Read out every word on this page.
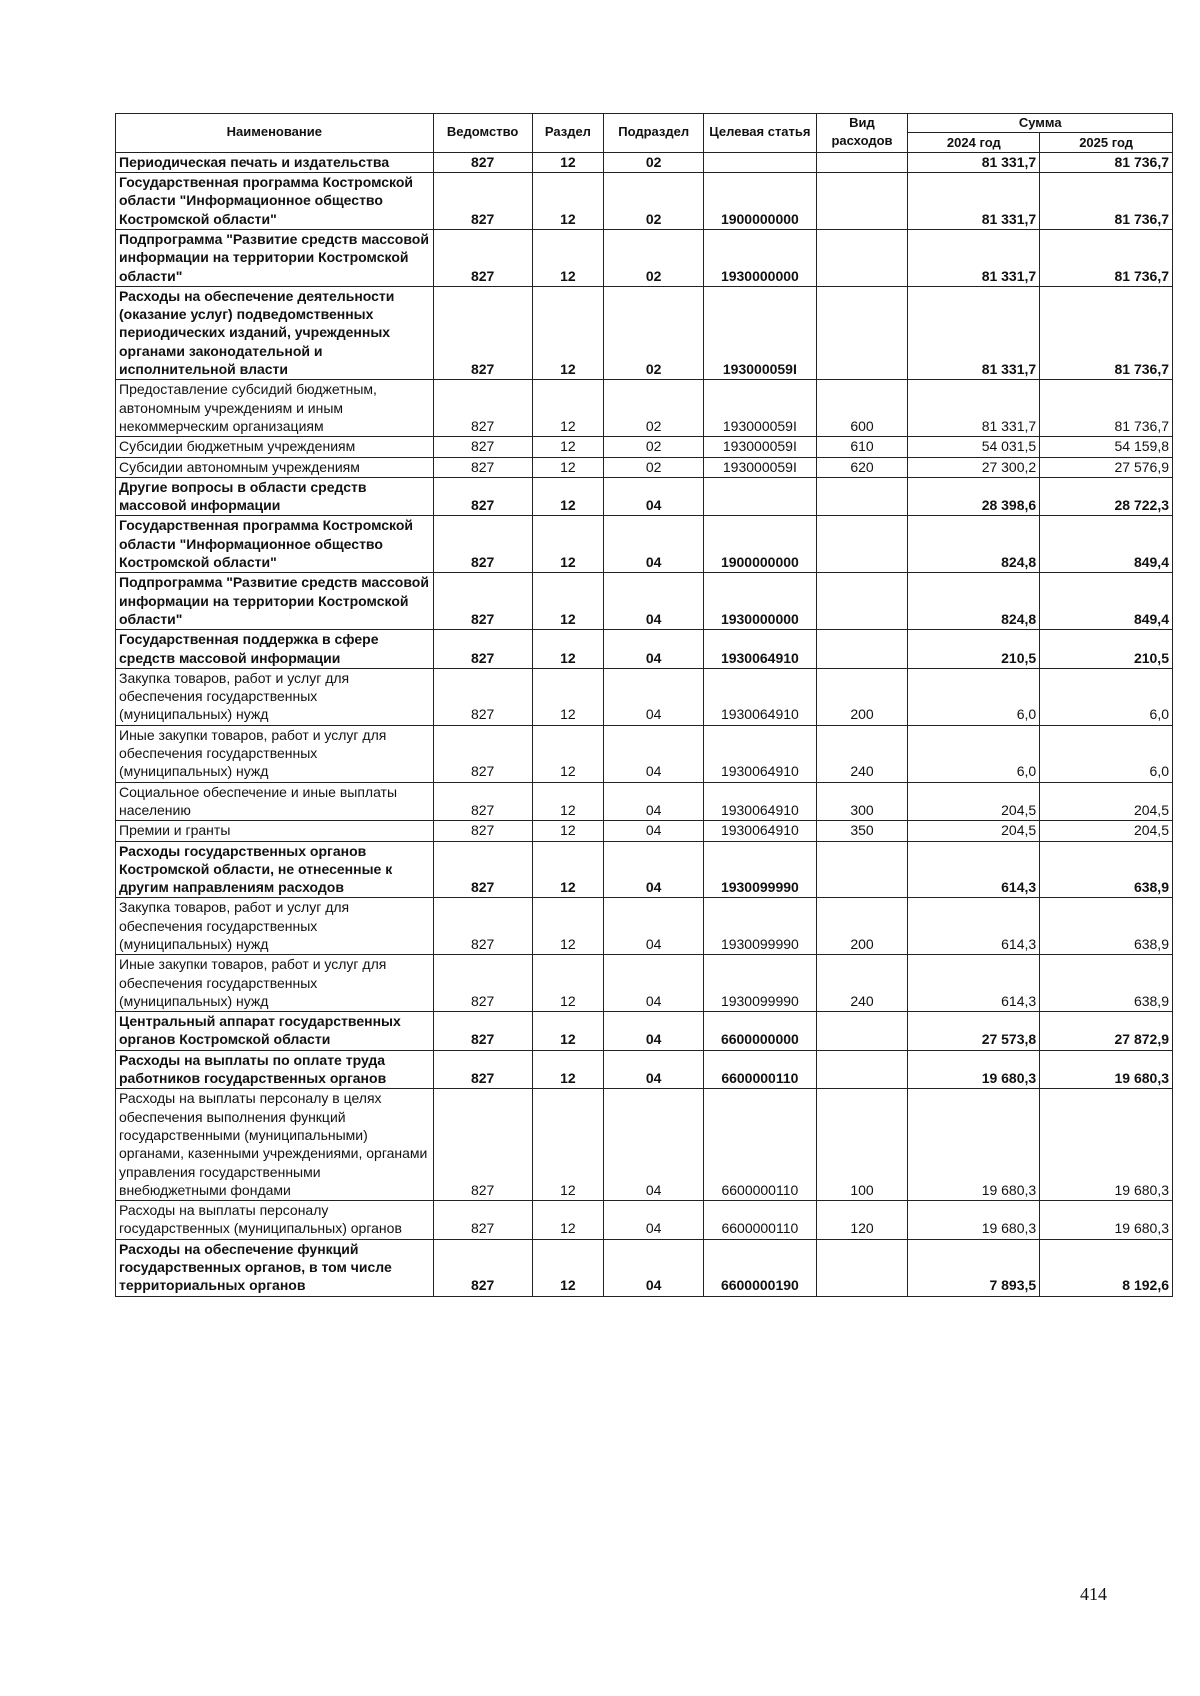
Наименование	Ведомство	Раздел	Подраздел	Целевая статья	Вид расходов	Сумма	
						2024 год	2025 год
Периодическая печать и издательства	827	12	02			81 331,7	81 736,7
Государственная программа Костромской области "Информационное общество Костромской области"	827	12	02	1900000000		81 331,7	81 736,7
Подпрограмма "Развитие средств массовой информации на территории Костромской области"	827	12	02	1930000000		81 331,7	81 736,7
Расходы на обеспечение деятельности (оказание услуг) подведомственных периодических изданий, учрежденных органами законодательной и исполнительной власти	827	12	02	193000059I		81 331,7	81 736,7
Предоставление субсидий бюджетным, автономным учреждениям и иным некоммерческим организациям	827	12	02	193000059I	600	81 331,7	81 736,7
Субсидии бюджетным учреждениям	827	12	02	193000059I	610	54 031,5	54 159,8
Субсидии автономным учреждениям	827	12	02	193000059I	620	27 300,2	27 576,9
Другие вопросы в области средств массовой информации	827	12	04			28 398,6	28 722,3
Государственная программа Костромской области "Информационное общество Костромской области"	827	12	04	1900000000		824,8	849,4
Подпрограмма "Развитие средств массовой информации на территории Костромской области"	827	12	04	1930000000		824,8	849,4
Государственная поддержка в сфере средств массовой информации	827	12	04	1930064910		210,5	210,5
Закупка товаров, работ и услуг для обеспечения государственных (муниципальных) нужд	827	12	04	1930064910	200	6,0	6,0
Иные закупки товаров, работ и услуг для обеспечения государственных (муниципальных) нужд	827	12	04	1930064910	240	6,0	6,0
Социальное обеспечение и иные выплаты населению	827	12	04	1930064910	300	204,5	204,5
Премии и гранты	827	12	04	1930064910	350	204,5	204,5
Расходы государственных органов Костромской области, не отнесенные к другим направлениям расходов	827	12	04	1930099990		614,3	638,9
Закупка товаров, работ и услуг для обеспечения государственных (муниципальных) нужд	827	12	04	1930099990	200	614,3	638,9
Иные закупки товаров, работ и услуг для обеспечения государственных (муниципальных) нужд	827	12	04	1930099990	240	614,3	638,9
Центральный аппарат государственных органов Костромской области	827	12	04	6600000000		27 573,8	27 872,9
Расходы на выплаты по оплате труда работников государственных органов	827	12	04	6600000110		19 680,3	19 680,3
Расходы на выплаты персоналу в целях обеспечения выполнения функций государственными (муниципальными) органами, казенными учреждениями, органами управления государственными внебюджетными фондами	827	12	04	6600000110	100	19 680,3	19 680,3
Расходы на выплаты персоналу государственных (муниципальных) органов	827	12	04	6600000110	120	19 680,3	19 680,3
Расходы на обеспечение функций государственных органов, в том числе территориальных органов	827	12	04	6600000190		7 893,5	8 192,6
414
